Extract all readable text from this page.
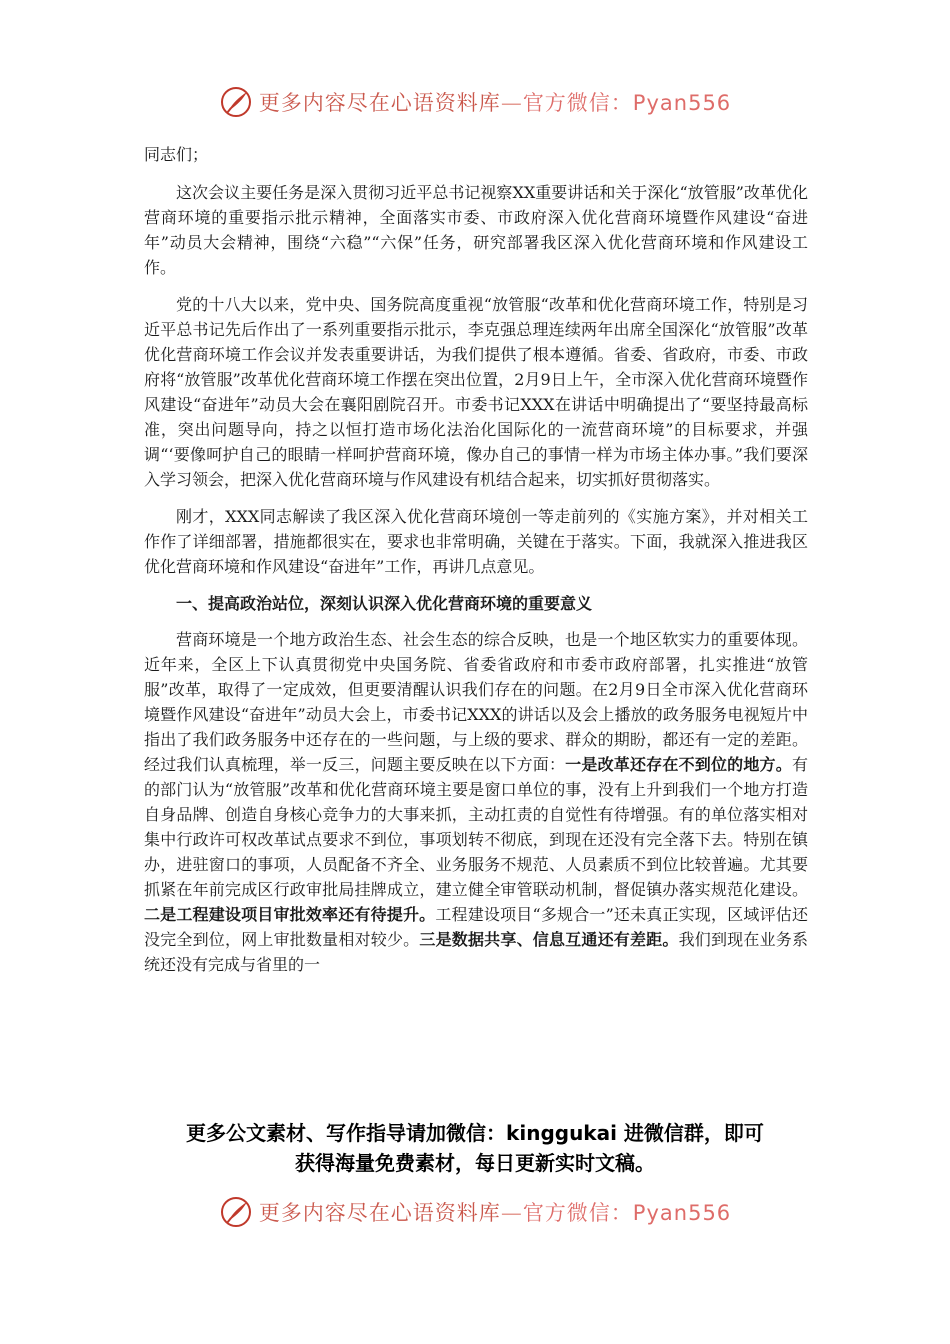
更多内容尽在心语资料库—官方微信：Pyan556

同志们；

这次会议主要任务是深入贯彻习近平总书记视察XX重要讲话和关于深化“放管服”改革优化营商环境的重要指示批示精神，全面落实市委、市政府深入优化营商环境暨作风建设“奋进年”动员大会精神，围绕“六稳”“六保”任务，研究部署我区深入优化营商环境和作风建设工作。

党的十八大以来，党中央、国务院高度重视“放管服“改革和优化营商环境工作，特别是习近平总书记先后作出了一系列重要指示批示，李克强总理连续两年出席全国深化“放管服”改革优化营商环境工作会议并发表重要讲话，为我们提供了根本遵循。省委、省政府，市委、市政府将“放管服”改革优化营商环境工作摆在突出位置，2月9日上午，全市深入优化营商环境暨作风建设“奋进年”动员大会在襄阳剧院召开。市委书记XXX在讲话中明确提出了“要坚持最高标准，突出问题导向，持之以恒打造市场化法治化国际化的一流营商环境”的目标要求，并强调“‘要像呵护自己的眼睛一样呵护营商环境，像办自己的事情一样为市场主体办事。”我们要深入学习领会，把深入优化营商环境与作风建设有机结合起来，切实抓好贯彻落实。

刚才，XXX同志解读了我区深入优化营商环境创一等走前列的《实施方案》，并对相关工作作了详细部署，措施都很实在，要求也非常明确，关键在于落实。下面，我就深入推进我区优化营商环境和作风建设“奋进年”工作，再讲几点意见。

一、提高政治站位，深刻认识深入优化营商环境的重要意义

营商环境是一个地方政治生态、社会生态的综合反映，也是一个地区软实力的重要体现。近年来，全区上下认真贯彻党中央国务院、省委省政府和市委市政府部署，扎实推进“放管服”改革，取得了一定成效，但更要清醒认识我们存在的问题。在2月9日全市深入优化营商环境暨作风建设“奋进年”动员大会上，市委书记XXX的讲话以及会上播放的政务服务电视短片中指出了我们政务服务中还存在的一些问题，与上级的要求、群众的期盼，都还有一定的差距。经过我们认真梳理，举一反三，问题主要反映在以下方面：一是改革还存在不到位的地方。有的部门认为“放管服”改革和优化营商环境主要是窗口单位的事，没有上升到我们一个地方打造自身品牌、创造自身核心竞争力的大事来抓，主动扛责的自觉性有待增强。有的单位落实相对集中行政许可权改革试点要求不到位，事项划转不彻底，到现在还没有完全落下去。特别在镇办，进驻窗口的事项，人员配备不齐全、业务服务不规范、人员素质不到位比较普遍。尤其要抓紧在年前完成区行政审批局挂牌成立，建立健全审管联动机制，督促镇办落实规范化建设。二是工程建设项目审批效率还有待提升。工程建设项目“多规合一”还未真正实现，区域评估还没完全到位，网上审批数量相对较少。三是数据共享、信息互通还有差距。我们到现在业务系统还没有完成与省里的一

更多公文素材、写作指导请加微信：kinggukai 进微信群，即可
获得海量免费素材，每日更新实时文稿。
更多内容尽在心语资料库—官方微信：Pyan556
